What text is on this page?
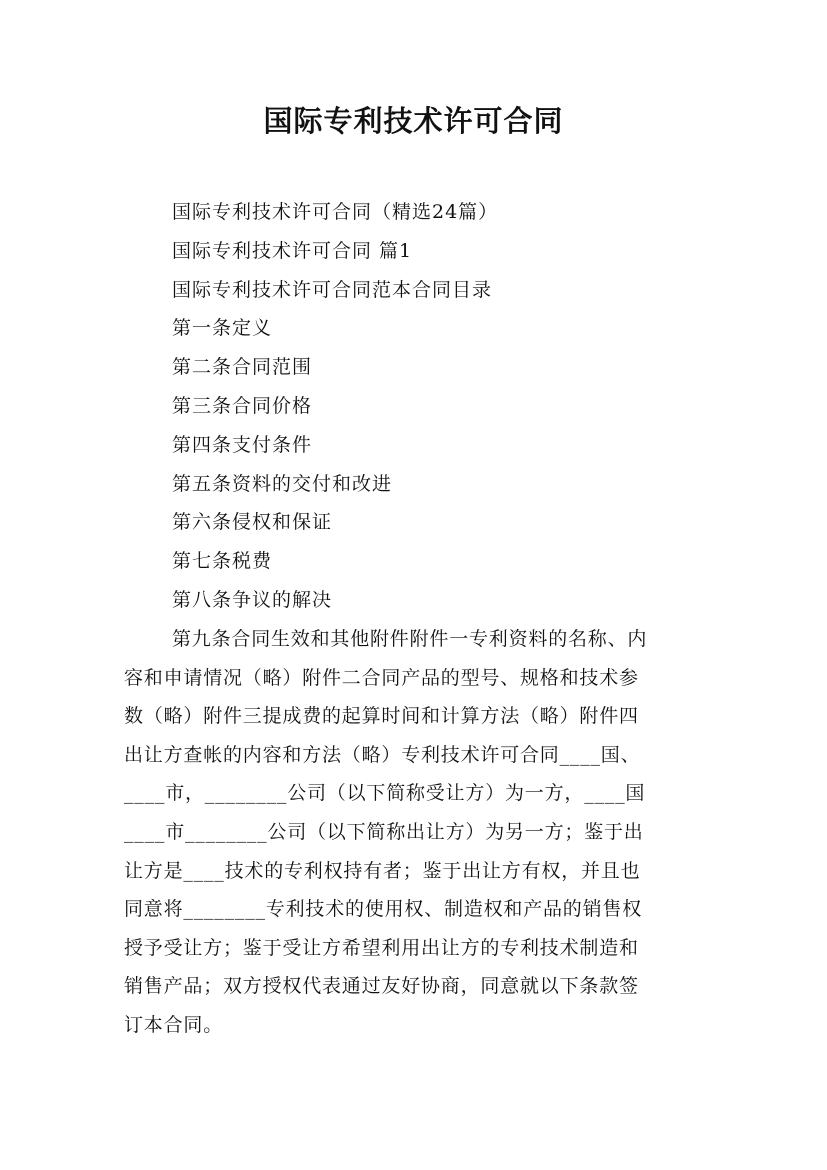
国际专利技术许可合同
国际专利技术许可合同（精选24篇）
国际专利技术许可合同 篇1
国际专利技术许可合同范本合同目录
第一条定义
第二条合同范围
第三条合同价格
第四条支付条件
第五条资料的交付和改进
第六条侵权和保证
第七条税费
第八条争议的解决

第九条合同生效和其他附件附件一专利资料的名称、内
容和申请情况（略）附件二合同产品的型号、规格和技术参
数（略）附件三提成费的起算时间和计算方法（略）附件四
出让方查帐的内容和方法（略）专利技术许可合同____国、
____市，________公司（以下简称受让方）为一方，____国
____市________公司（以下简称出让方）为另一方；鉴于出
让方是____技术的专利权持有者；鉴于出让方有权，并且也
同意将________专利技术的使用权、制造权和产品的销售权
授予受让方；鉴于受让方希望利用出让方的专利技术制造和
销售产品；双方授权代表通过友好协商，同意就以下条款签
订本合同。
